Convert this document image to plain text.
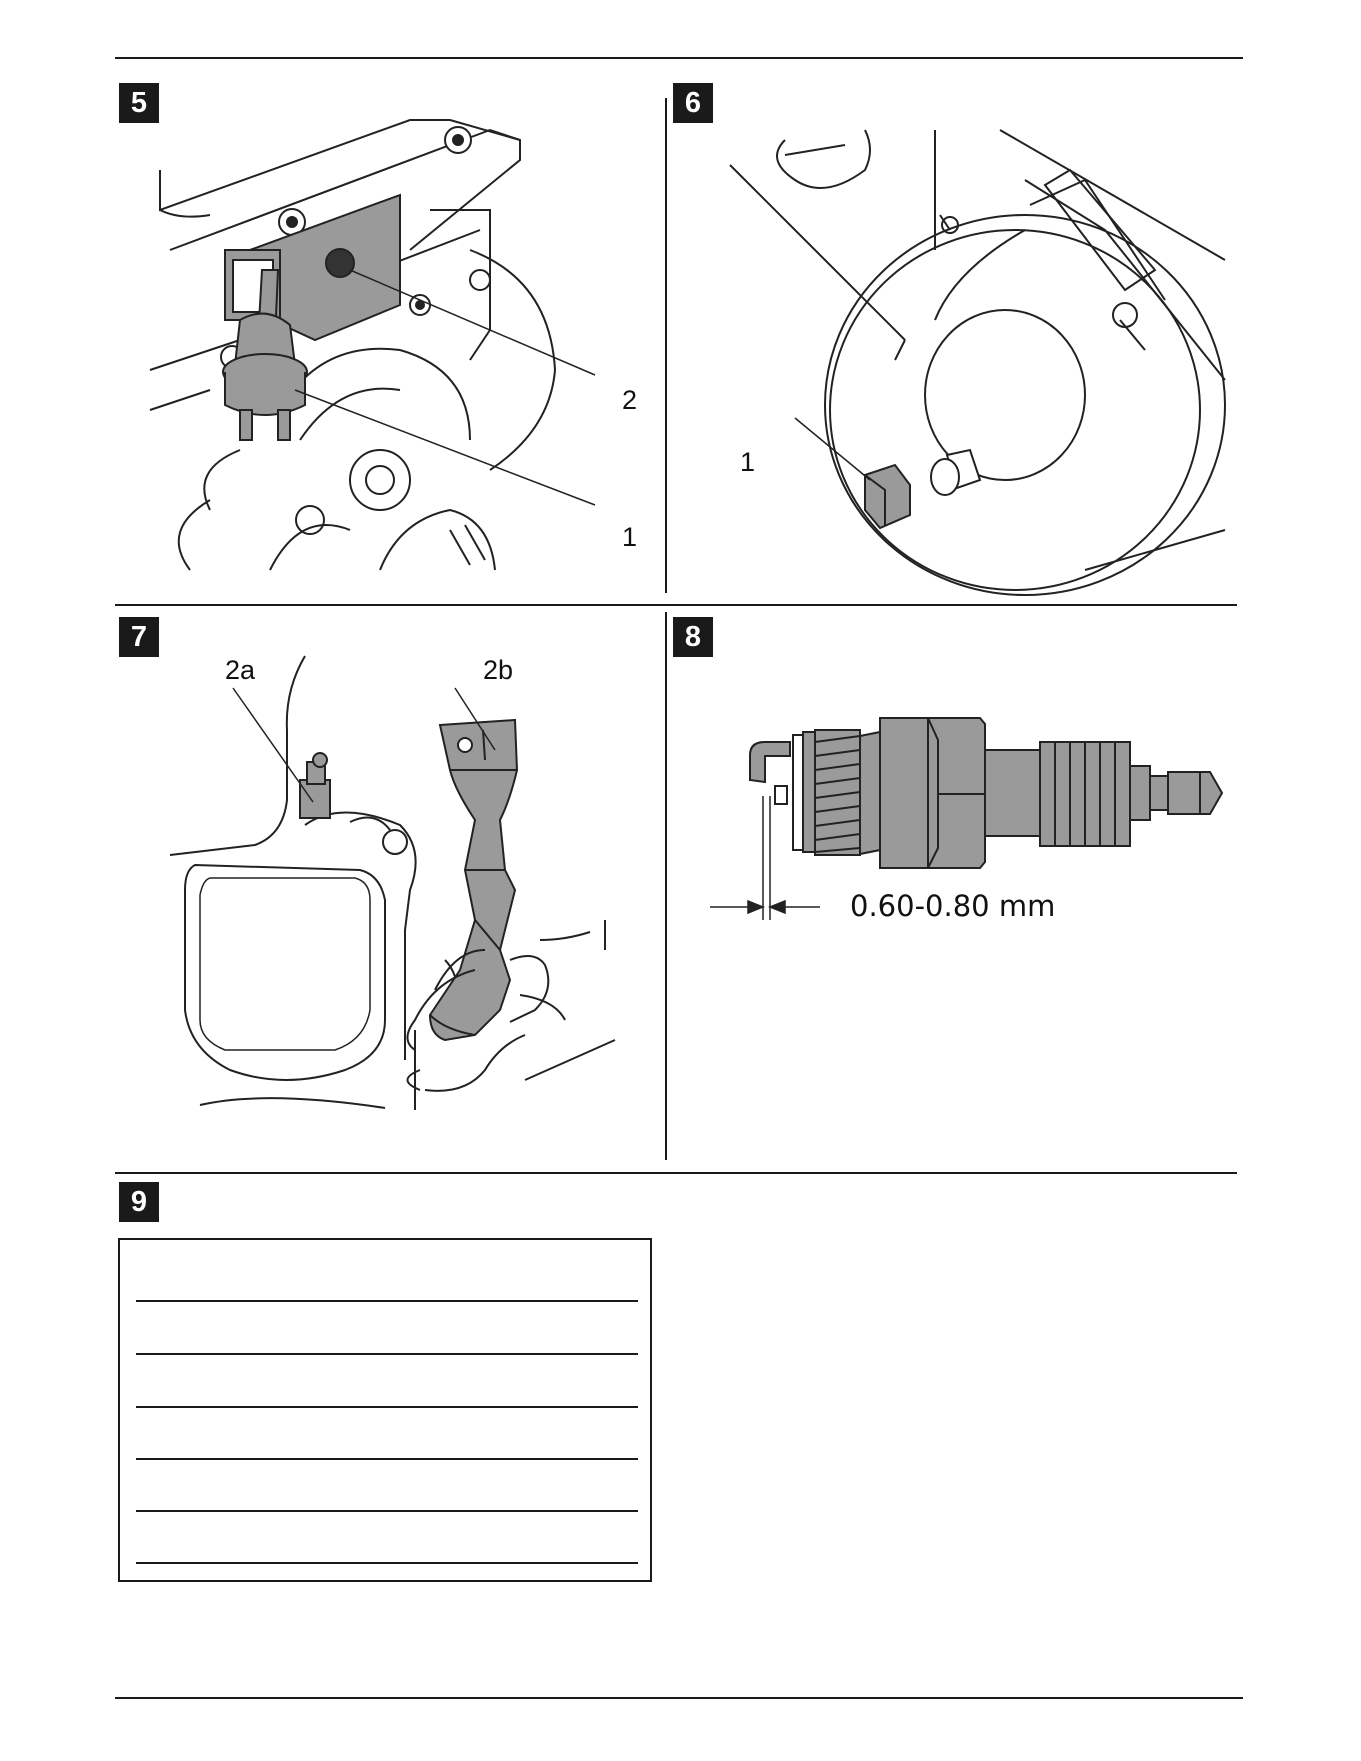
5
2
1
6
1
7
2a	2b
8
0.60-0.80 mm
9
